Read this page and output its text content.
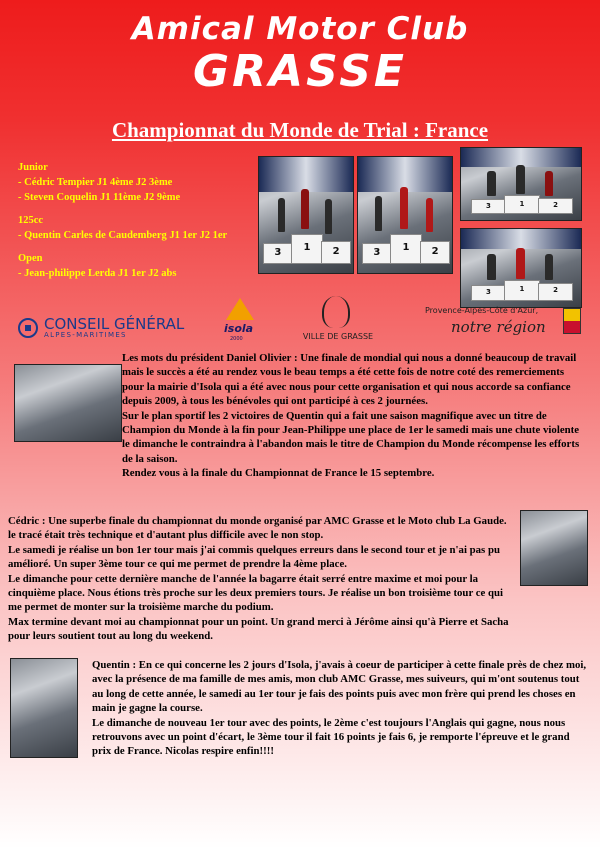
Amical Motor Club
GRASSE
Championnat du Monde de Trial : France
Junior
- Cédric Tempier J1 4ème J2 3ème
- Steven Coquelin J1 11ème J2 9ème
125cc
- Quentin Carles de Caudemberg J1 1er J2 1er
Open
- Jean-philippe Lerda J1 1er J2 abs
3	1	2	3	1	2
3	1	2
3	1	2
CONSEIL GÉNÉRAL
ALPES-MARITIMES	isola
2000	VILLE DE GRASSE
Provence-Alpes-Côte d'Azur,
notre région

Les mots du président Daniel Olivier : Une finale de mondial qui nous a donné beaucoup de travail mais le succès a été au rendez vous le beau temps a été cette fois de notre coté des remerciements pour la mairie d'Isola qui a été avec nous pour cette organisation et qui nous accorde sa confiance depuis 2009, à tous les bénévoles qui ont participé à ces 2 journées.

Sur le plan sportif les 2 victoires de Quentin qui a fait une saison magnifique avec un titre de Champion du Monde à la fin pour Jean-Philippe une place de 1er le samedi mais une chute violente le dimanche le contraindra à l'abandon mais le titre de Champion du Monde récompense les efforts de la saison.

Rendez vous à la finale du Championnat de France le 15 septembre.

Cédric : Une superbe finale du championnat du monde organisé par AMC Grasse et le Moto club La Gaude. le tracé était très technique et d'autant plus difficile avec le non stop.

Le samedi je réalise un bon 1er tour mais j'ai commis quelques erreurs dans le second tour et je n'ai pas pu amélioré. Un super 3ème tour ce qui me permet de prendre la 4ème place.

Le dimanche pour cette dernière manche de l'année la bagarre était serré entre maxime et moi pour la cinquième place. Nous étions très proche sur les deux premiers tours. Je réalise un bon troisième tour ce qui me permet de monter sur la troisième marche du podium.

Max termine devant moi au championnat pour un point. Un grand merci à Jérôme ainsi qu'à Pierre et Sacha pour leurs soutient tout au long du weekend.

Quentin : En ce qui concerne les 2 jours d'Isola, j'avais à coeur de participer à cette finale près de chez moi, avec la présence de ma famille de mes amis, mon club AMC Grasse, mes suiveurs, qui m'ont soutenus tout au long de cette année, le samedi au 1er tour je fais des points puis avec mon frère qui prend les choses en main je gagne la course.

Le dimanche de nouveau 1er tour avec des points, le 2ème c'est toujours l'Anglais qui gagne, nous nous retrouvons avec un point d'écart, le 3ème tour il fait 16 points je fais 6, je remporte l'épreuve et le grand prix de France. Nicolas respire enfin!!!!
